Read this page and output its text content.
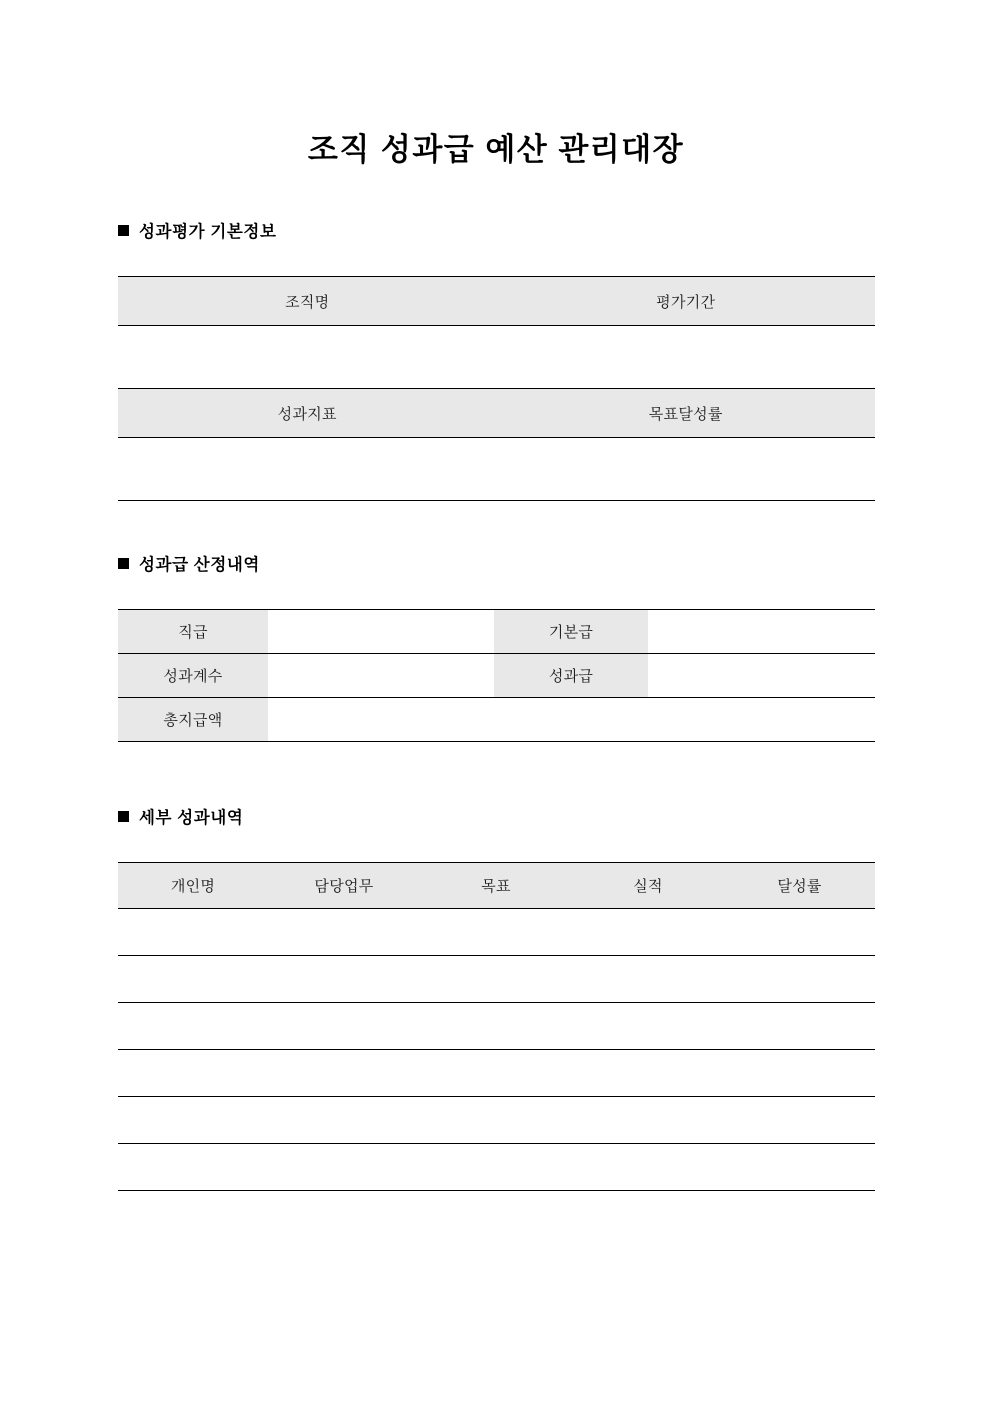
조직 성과급 예산 관리대장
성과평가 기본정보
조직명	평가기간

성과지표	목표달성률

성과급 산정내역
직급		기본급	
성과계수		성과급	
총지급액			
세부 성과내역
개인명	담당업무	목표	실적	달성률
